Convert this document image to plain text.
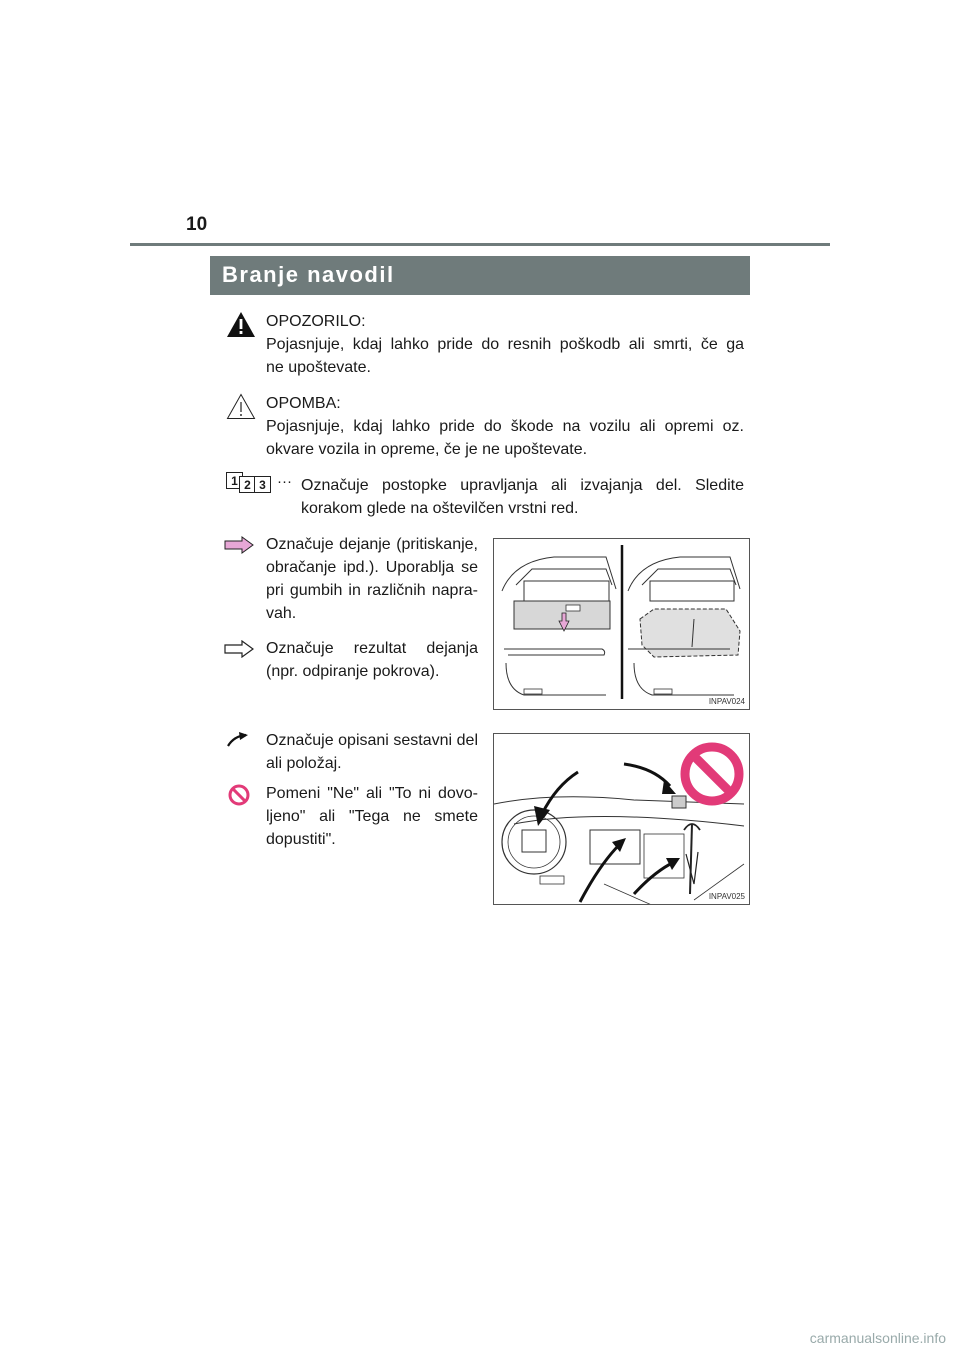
10
Branje navodil
OPOZORILO:
Pojasnjuje, kdaj lahko pride do resnih poškodb ali smrti, če ga
ne upoštevate.
OPOMBA:
Pojasnjuje, kdaj lahko pride do škode na vozilu ali opremi oz.
okvare vozila in opreme, če je ne upoštevate.
1 2 3 ··· Označuje postopke upravljanja ali izvajanja del. Sledite
korakom glede na oštevilčen vrstni red.
Označuje dejanje (pritiskanje, obračanje ipd.). Uporablja se pri gumbih in različnih napra-vah.
Označuje rezultat dejanja (npr. odpiranje pokrova).
Označuje opisani sestavni del ali položaj.
Pomeni "Ne" ali "To ni dovo-ljeno" ali "Tega ne smete dopustiti".
INPAV024
INPAV025
carmanualsonline.info
